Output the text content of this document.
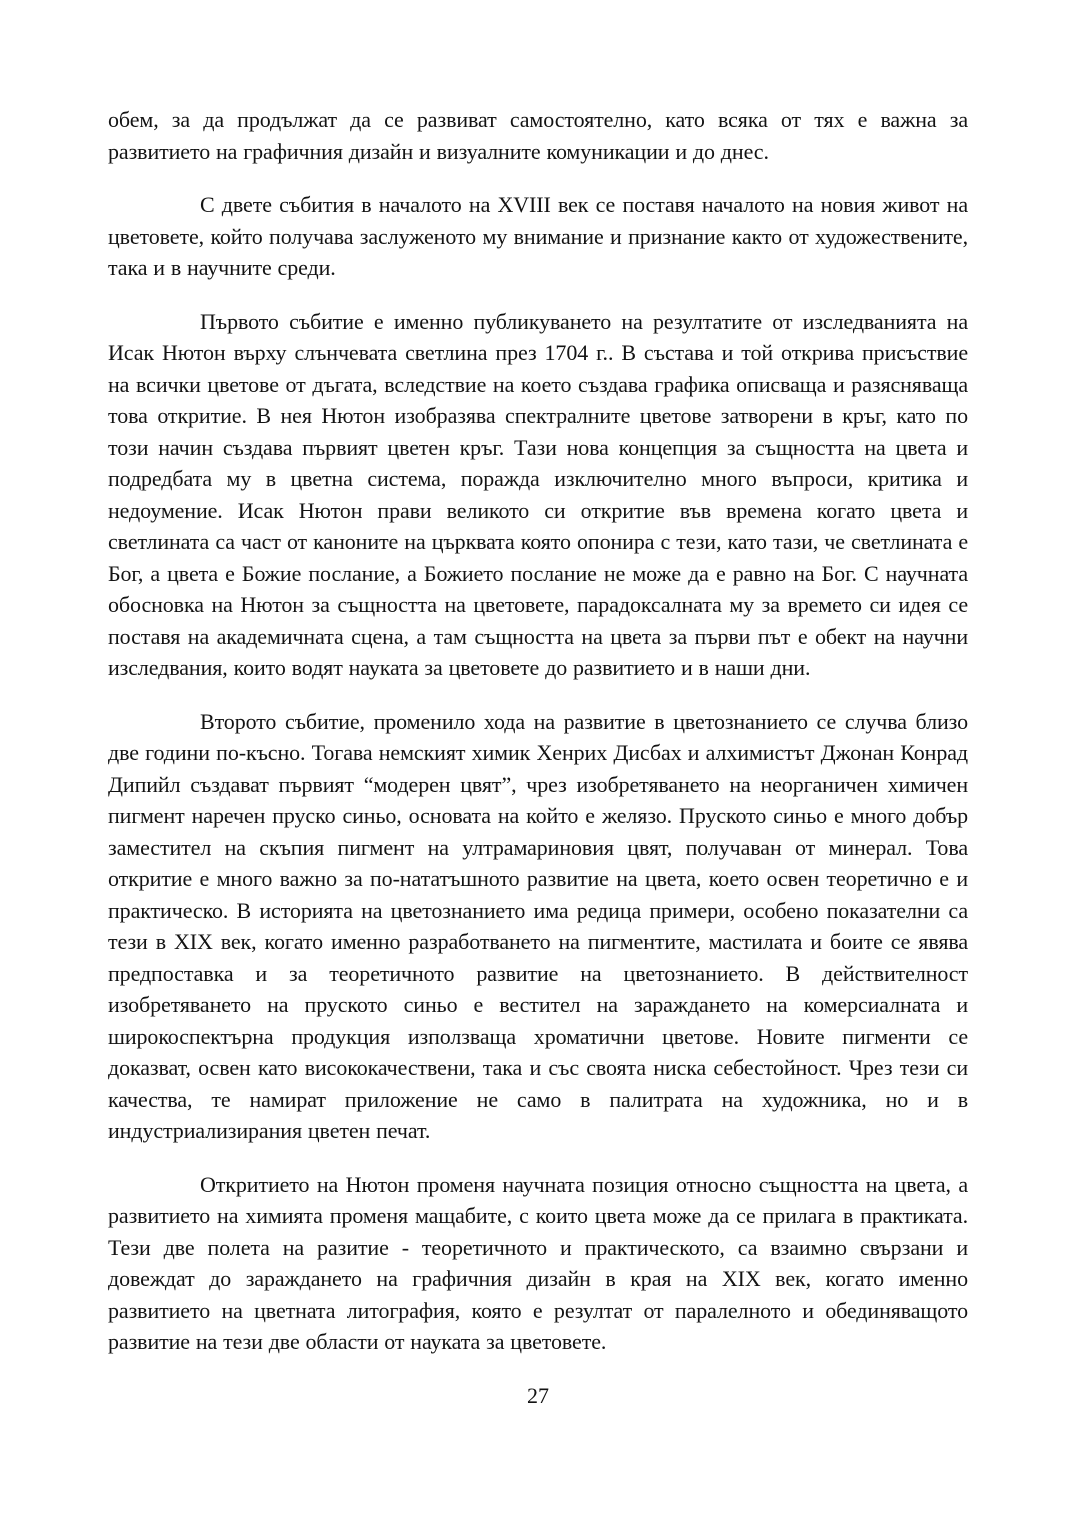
обем, за да продължат да се развиват самостоятелно, като всяка от тях е важна за развитието на графичния дизайн и визуалните комуникации и до днес.

С двете събития в началото на XVIII век се поставя началото на новия живот на цветовете, който получава заслуженото му внимание и признание както от художествените, така и в научните среди.

Първото събитие е именно публикуването на резултатите от изследванията на Исак Нютон върху слънчевата светлина през 1704 г.. В състава и той открива присъствие на всички цветове от дъгата, вследствие на което създава графика описваща и разясняваща това откритие. В нея Нютон изобразява спектралните цветове затворени в кръг, като по този начин създава първият цветен кръг. Тази нова концепция за същността на цвета и подредбата му в цветна система, поражда изключително много въпроси, критика и недоумение. Исак Нютон прави великото си откритие във времена когато цвета и светлината са част от каноните на църквата която опонира с тези, като тази, че светлината е Бог, а цвета е Божие послание, а Божието послание не може да е равно на Бог. С научната обосновка на Нютон за същността на цветовете, парадоксалната му за времето си идея се поставя на академичната сцена, а там същността на цвета за първи път е обект на научни изследвания, които водят науката за цветовете до развитието и в наши дни.

Второто събитие, променило хода на развитие в цветознанието се случва близо две години по-късно. Тогава немският химик Хенрих Дисбах и алхимистът Джонан Конрад Дипийл създават първият “модерен цвят”, чрез изобретяването на неорганичен химичен пигмент наречен пруско синьо, основата на който е желязо. Пруското синьо е много добър заместител на скъпия пигмент на ултрамариновия цвят, получаван от минерал. Това откритие е много важно за по-нататъшното развитие на цвета, което освен теоретично е и практическо. В историята на цветознанието има редица примери, особено показателни са тези в XIX век, когато именно разработването на пигментите, мастилата и боите се явява предпоставка и за теоретичното развитие на цветознанието. В действителност изобретяването на пруското синьо е вестител на зараждането на комерсиалната и широкоспектърна продукция използваща хроматични цветове. Новите пигменти се доказват, освен като висококачествени, така и със своята ниска себестойност. Чрез тези си качества, те намират приложение не само в палитрата на художника, но и в индустриализирания цветен печат.

Откритието на Нютон променя научната позиция относно същността на цвета, а развитието на химията променя мащабите, с които цвета може да се прилага в практиката. Тези две полета на разитие - теоретичното и практическото, са взаимно свързани и довеждат до зараждането на графичния дизайн в края на XIX век, когато именно развитието на цветната литография, която е резултат от паралелното и обединяващото развитие на тези две области от науката за цветовете.

27
